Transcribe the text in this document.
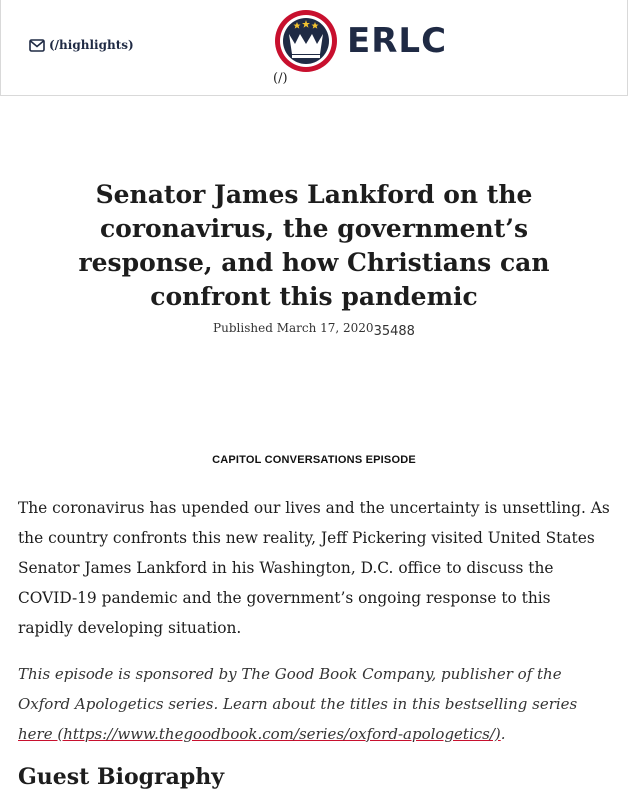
(/highlights)	ERLC
(/)
Senator James Lankford on the coronavirus, the government’s response, and how Christians can confront this pandemic
Published March 17, 202035488
CAPITOL CONVERSATIONS EPISODE

The coronavirus has upended our lives and the uncertainty is unsettling. As the country confronts this new reality, Jeff Pickering visited United States Senator James Lankford in his Washington, D.C. office to discuss the COVID-19 pandemic and the government’s ongoing response to this rapidly developing situation.

This episode is sponsored by The Good Book Company, publisher of the Oxford Apologetics series. Learn about the titles in this bestselling series here (https://www.thegoodbook.com/series/oxford-apologetics/).

Guest Biography
